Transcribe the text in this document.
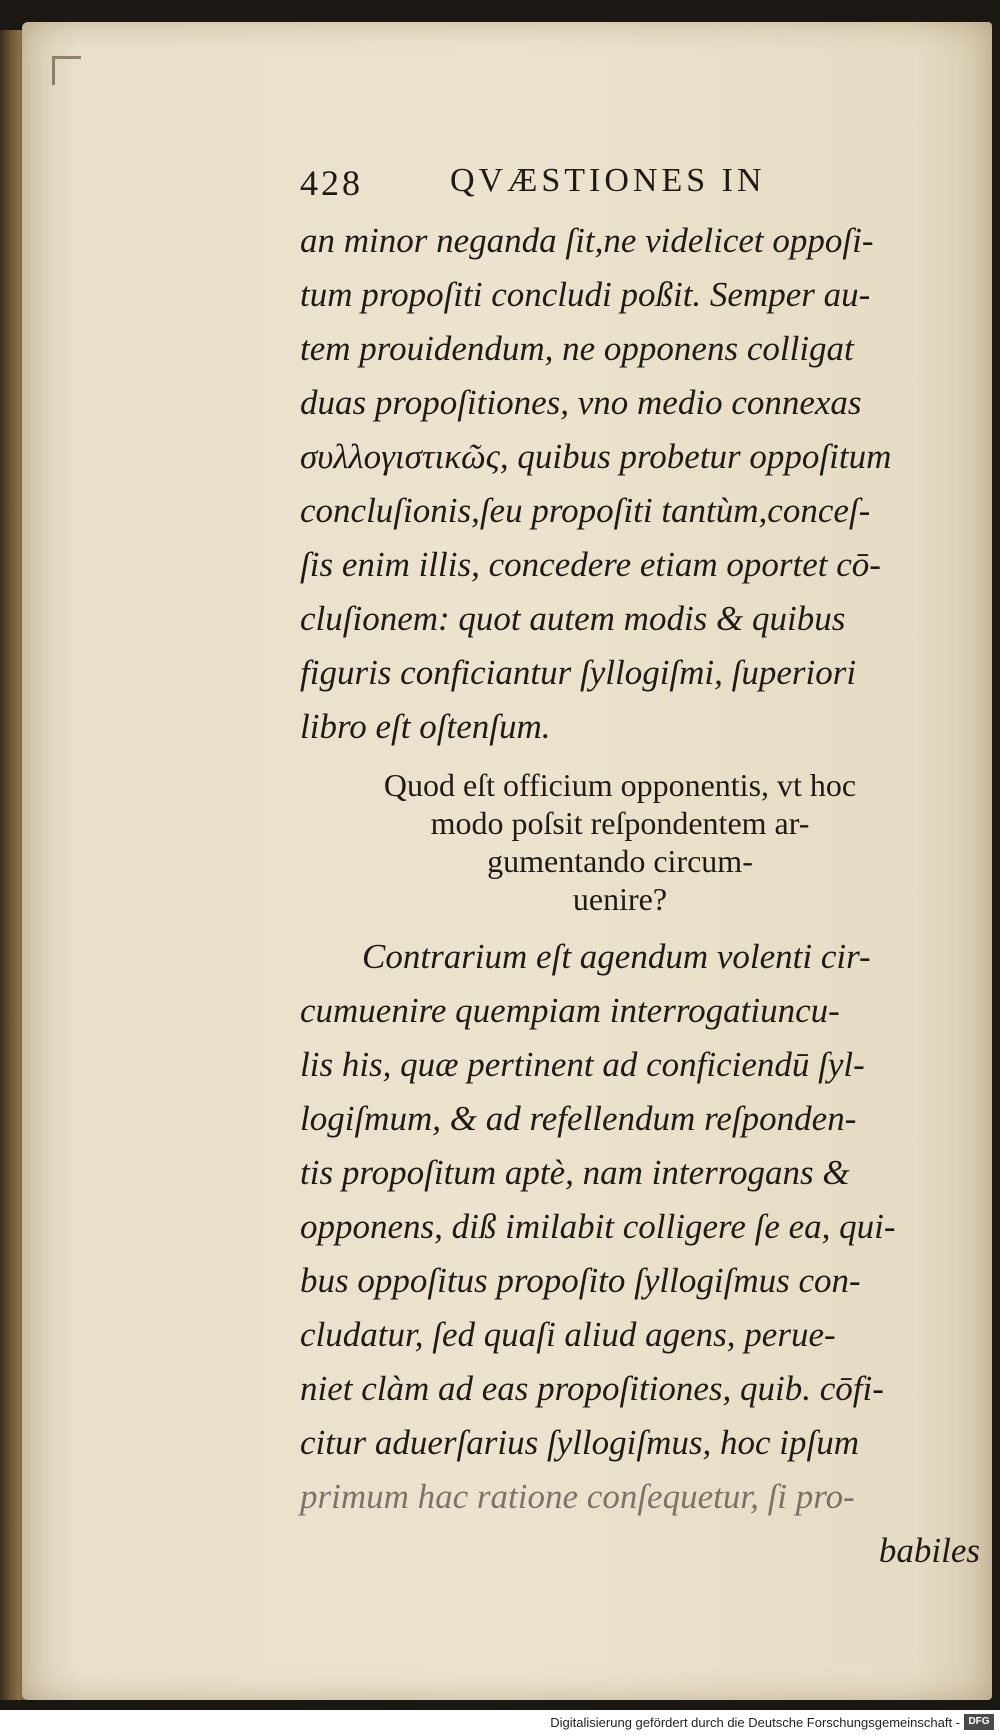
428	QVÆSTIONES IN
an minor neganda ſit,ne videlicet oppoſi-
tum propoſiti concludi poßit. Semper au-
tem prouidendum, ne opponens colligat
duas propoſitiones, vno medio connexas
συλλογιστικῶς, quibus probetur oppoſitum
concluſionis,ſeu propoſiti tantùm,conceſ-
ſis enim illis, concedere etiam oportet cō-
cluſionem: quot autem modis & quibus
figuris conficiantur ſyllogiſmi, ſuperiori
libro eſt oſtenſum.
Quod eſt officium opponentis, vt hoc
modo poſsit reſpondentem ar-
gumentando circum-
uenire?
Contrarium eſt agendum volenti cir-
cumuenire quempiam interrogatiuncu-
lis his, quæ pertinent ad conficiendū ſyl-
logiſmum, & ad refellendum reſponden-
tis propoſitum aptè, nam interrogans &
opponens, diß imilabit colligere ſe ea, qui-
bus oppoſitus propoſito ſyllogiſmus con-
cludatur, ſed quaſi aliud agens, perue-
niet clàm ad eas propoſitiones, quib. cōfi-
citur aduerſarius ſyllogiſmus, hoc ipſum
primum hac ratione conſequetur, ſi pro-
babiles
Digitalisierung gefördert durch die Deutsche Forschungsgemeinschaft - DFG
